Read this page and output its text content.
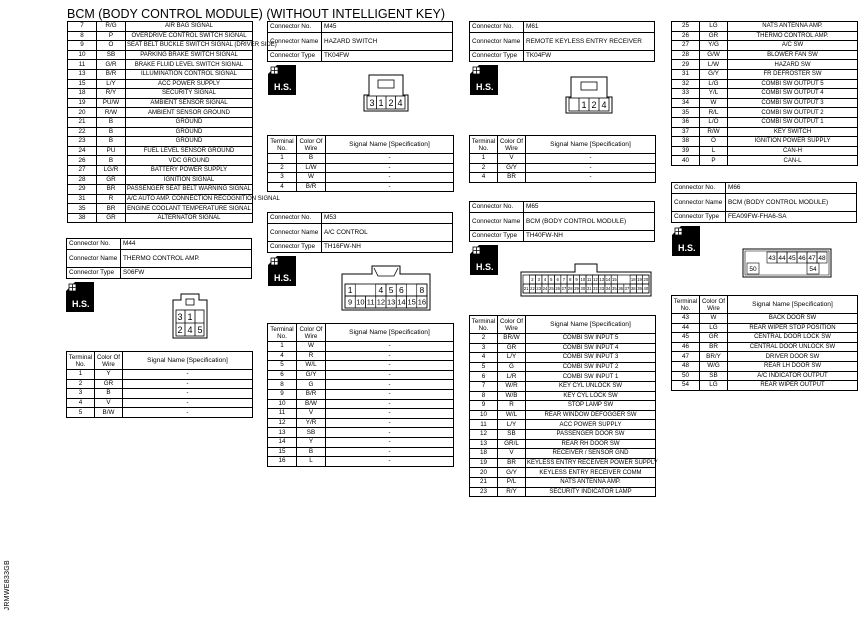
BCM (BODY CONTROL MODULE) (WITHOUT INTELLIGENT KEY)
7	R/G	AIR BAG SIGNAL
8	P	OVERDRIVE CONTROL SWITCH SIGNAL
9	O	SEAT BELT BUCKLE SWITCH SIGNAL (DRIVER SIDE)
10	SB	PARKING BRAKE SWITCH SIGNAL
11	G/R	BRAKE FLUID LEVEL SWITCH SIGNAL
13	B/R	ILLUMINATION CONTROL SIGNAL
15	L/Y	ACC POWER SUPPLY
18	R/Y	SECURITY SIGNAL
19	PU/W	AMBIENT SENSOR SIGNAL
20	R/W	AMBIENT SENSOR GROUND
21	B	GROUND
22	B	GROUND
23	B	GROUND
24	PU	FUEL LEVEL SENSOR GROUND
26	B	VDC GROUND
27	LG/R	BATTERY POWER SUPPLY
28	GR	IGNITION SIGNAL
29	BR	PASSENGER SEAT BELT WARNING SIGNAL
31	R	A/C AUTO AMP. CONNECTION RECOGNITION SIGNAL
35	BR	ENGINE COOLANT TEMPERATURE SIGNAL
38	GR	ALTERNATOR SIGNAL
Connector No.	M44
Connector Name	THERMO CONTROL AMP.
Connector Type	S06FW
H.S.
3 1
2 4 5
Terminal No.	Color Of Wire	Signal Name [Specification]
1	Y	-
2	GR	-
3	B	-
4	V	-
5	B/W	-
Connector No.	M45
Connector Name	HAZARD SWITCH
Connector Type	TK04FW
H.S.
3 1 2 4
Terminal No.	Color Of Wire	Signal Name [Specification]
1	B	-
2	L/W	-
3	W	-
4	B/R	-
Connector No.	M53
Connector Name	A/C CONTROL
Connector Type	TH16FW-NH
H.S.
1	4 5 6 8
9 10 11 12 13 14 15 16
Terminal No.	Color Of Wire	Signal Name [Specification]
1	W	-
4	R	-
5	W/L	-
6	G/Y	-
8	G	-
9	B/R	-
10	B/W	-
11	V	-
12	Y/R	-
13	SB	-
14	Y	-
15	B	-
16	L	-
Connector No.	M61
Connector Name	REMOTE KEYLESS ENTRY RECEIVER
Connector Type	TK04FW
H.S.
1 2 4
Terminal No.	Color Of Wire	Signal Name [Specification]
1	V	-
2	G/Y	-
4	BR	-
Connector No.	M65
Connector Name	BCM (BODY CONTROL MODULE)
Connector Type	TH40FW-NH
H.S.
2 3 4 5 6 7 8 9 10 11 12 13 14 15	18 19 20
21 22 23 24 25 26 27 28 29 30 31 32 33 34 35 36 37 38 39 40
Terminal No.	Color Of Wire	Signal Name [Specification]
2	BR/W	COMBI SW INPUT 5
3	GR	COMBI SW INPUT 4
4	L/Y	COMBI SW INPUT 3
5	G	COMBI SW INPUT 2
6	L/R	COMBI SW INPUT 1
7	W/R	KEY CYL UNLOCK SW
8	W/B	KEY CYL LOCK SW
9	R	STOP LAMP SW
10	W/L	REAR WINDOW DEFOGGER SW
11	L/Y	ACC POWER SUPPLY
12	SB	PASSENGER DOOR SW
13	GR/L	REAR RH DOOR SW
18	V	RECEIVER / SENSOR GND
19	BR	KEYLESS ENTRY RECEIVER POWER SUPPLY
20	G/Y	KEYLESS ENTRY RECEIVER COMM
21	P/L	NATS ANTENNA AMP.
23	R/Y	SECURITY INDICATOR LAMP
25	LG	NATS ANTENNA AMP.
26	GR	THERMO CONTROL AMP.
27	Y/G	A/C SW
28	G/W	BLOWER FAN SW
29	L/W	HAZARD SW
31	G/Y	FR DEFROSTER SW
32	L/G	COMBI SW OUTPUT 5
33	Y/L	COMBI SW OUTPUT 4
34	W	COMBI SW OUTPUT 3
35	R/L	COMBI SW OUTPUT 2
36	L/O	COMBI SW OUTPUT 1
37	R/W	KEY SWITCH
38	O	IGNITION POWER SUPPLY
39	L	CAN-H
40	P	CAN-L
Connector No.	M66
Connector Name	BCM (BODY CONTROL MODULE)
Connector Type	FEA09FW-FHA6-SA
H.S.
43 44 45 46 47 48
50	54
Terminal No.	Color Of Wire	Signal Name [Specification]
43	W	BACK DOOR SW
44	LG	REAR WIPER STOP POSITION
45	GR	CENTRAL DOOR LOCK SW
46	BR	CENTRAL DOOR UNLOCK SW
47	BR/Y	DRIVER DOOR SW
48	W/G	REAR LH DOOR SW
50	SB	A/C INDICATOR OUTPUT
54	LG	REAR WIPER OUTPUT
JRMWE833GB
